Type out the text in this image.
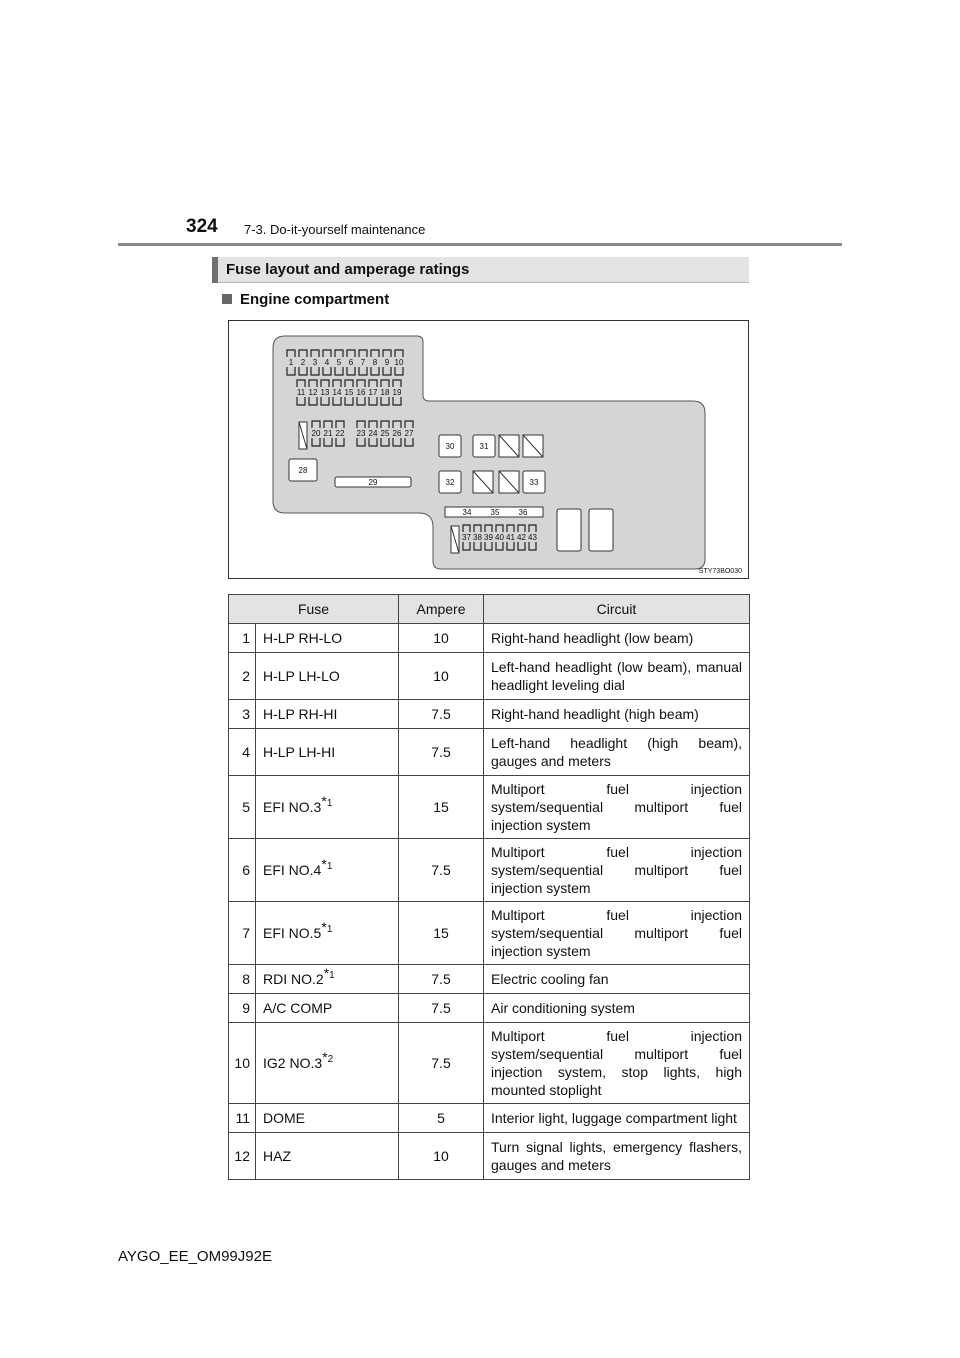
324 7-3. Do-it-yourself maintenance
Fuse layout and amperage ratings
Engine compartment
1 2 3 4 5 6 7 8 9 10
11 12 13 14 15 16 17 18 19
20 21 22 23 24 25 26 27
37 38 39 40 41 42 43
28
29
30	31
32	33
34 35 36
STY73BO030
Fuse		Ampere	Circuit
1	H-LP RH-LO	10	Right-hand headlight (low beam)
2	H-LP LH-LO	10	Left-hand headlight (low beam), manual headlight leveling dial
3	H-LP RH-HI	7.5	Right-hand headlight (high beam)
4	H-LP LH-HI	7.5	Left-hand headlight (high beam), gauges and meters
5	EFI NO.3$^{*1}$	15	Multiport fuel injection system/sequential multiport fuel injection system
6	EFI NO.4$^{*1}$	7.5	Multiport fuel injection system/sequential multiport fuel injection system
7	EFI NO.5$^{*1}$	15	Multiport fuel injection system/sequential multiport fuel injection system
8	RDI NO.2$^{*1}$	7.5	Electric cooling fan
9	A/C COMP	7.5	Air conditioning system
10	IG2 NO.3$^{*2}$	7.5	Multiport fuel injection system/sequential multiport fuel injection system, stop lights, high mounted stoplight
11	DOME	5	Interior light, luggage compartment light
12	HAZ	10	Turn signal lights, emergency flashers, gauges and meters
AYGO_EE_OM99J92E
